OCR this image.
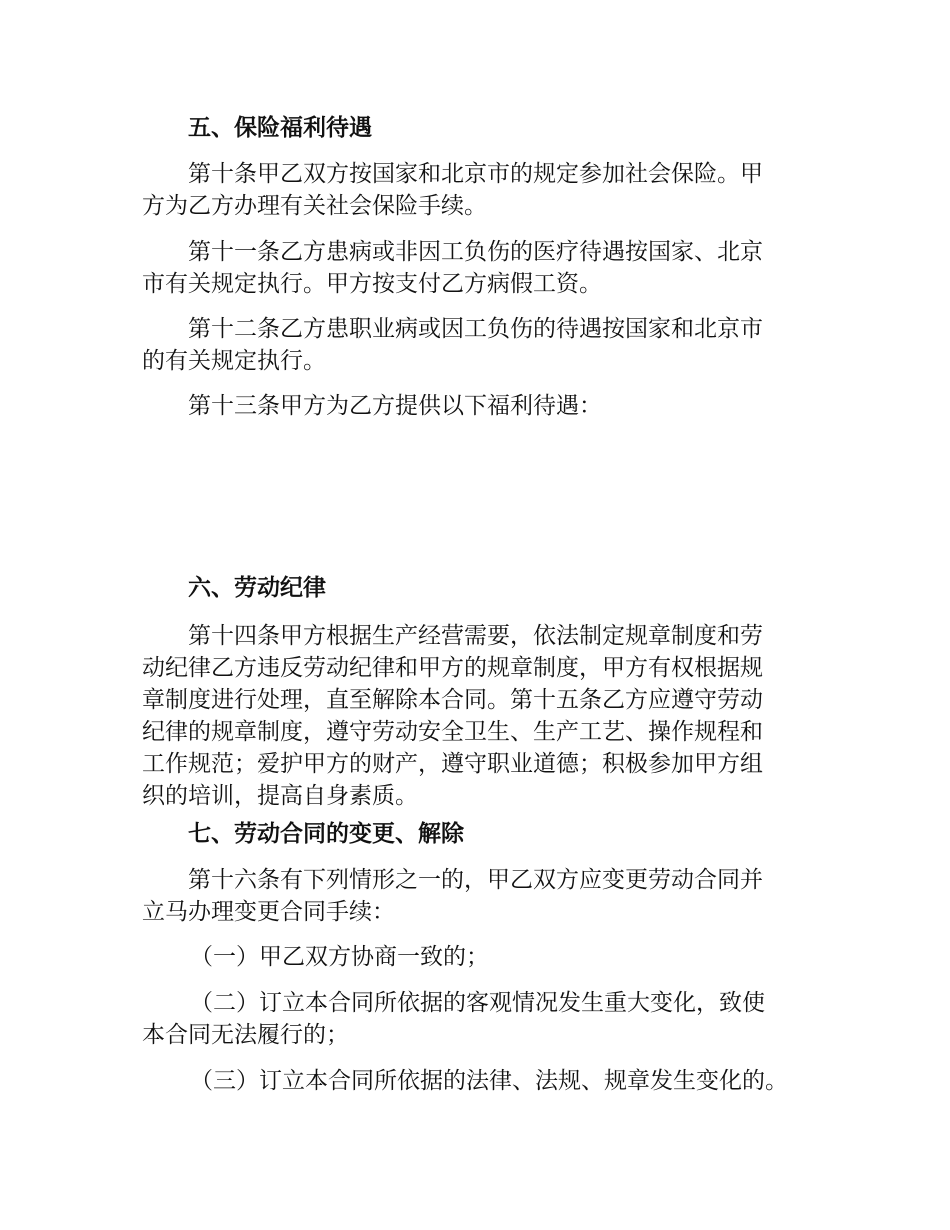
五、保险福利待遇

第十条甲乙双方按国家和北京市的规定参加社会保险。甲
方为乙方办理有关社会保险手续。

第十一条乙方患病或非因工负伤的医疗待遇按国家、北京
市有关规定执行。甲方按支付乙方病假工资。

第十二条乙方患职业病或因工负伤的待遇按国家和北京市
的有关规定执行。

第十三条甲方为乙方提供以下福利待遇：

六、劳动纪律

第十四条甲方根据生产经营需要，依法制定规章制度和劳
动纪律乙方违反劳动纪律和甲方的规章制度，甲方有权根据规
章制度进行处理，直至解除本合同。第十五条乙方应遵守劳动
纪律的规章制度，遵守劳动安全卫生、生产工艺、操作规程和
工作规范；爱护甲方的财产，遵守职业道德；积极参加甲方组
织的培训，提高自身素质。

七、劳动合同的变更、解除

第十六条有下列情形之一的，甲乙双方应变更劳动合同并
立马办理变更合同手续：

（一）甲乙双方协商一致的；

（二）订立本合同所依据的客观情况发生重大变化，致使
本合同无法履行的；

（三）订立本合同所依据的法律、法规、规章发生变化的。
